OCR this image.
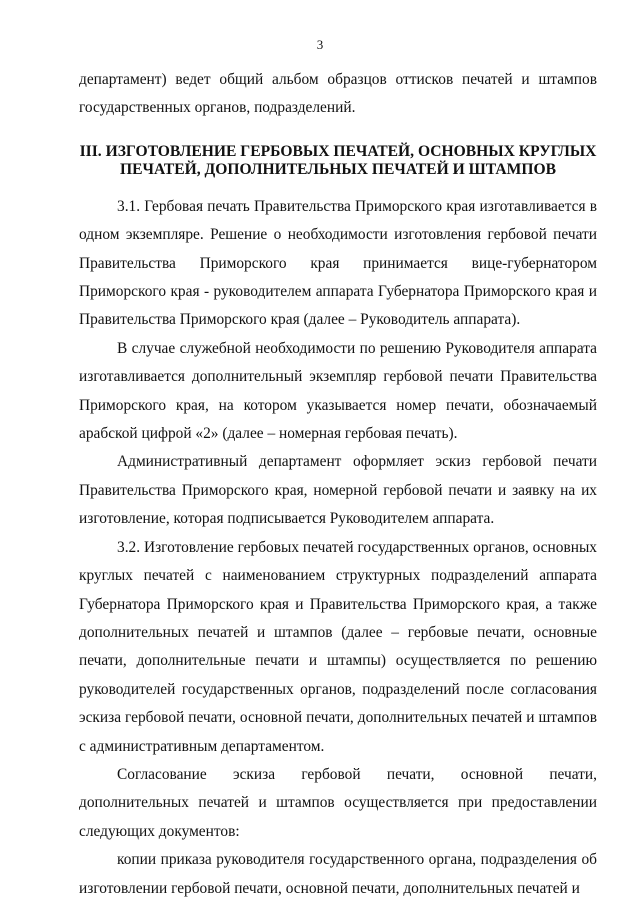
3

департамент) ведет общий альбом образцов оттисков печатей и штампов государственных органов, подразделений.

III. ИЗГОТОВЛЕНИЕ ГЕРБОВЫХ ПЕЧАТЕЙ, ОСНОВНЫХ КРУГЛЫХ
ПЕЧАТЕЙ, ДОПОЛНИТЕЛЬНЫХ ПЕЧАТЕЙ И ШТАМПОВ

3.1. Гербовая печать Правительства Приморского края изготавливается в одном экземпляре. Решение о необходимости изготовления гербовой печати Правительства Приморского края принимается вице-губернатором Приморского края - руководителем аппарата Губернатора Приморского края и Правительства Приморского края (далее – Руководитель аппарата).

В случае служебной необходимости по решению Руководителя аппарата изготавливается дополнительный экземпляр гербовой печати Правительства Приморского края, на котором указывается номер печати, обозначаемый арабской цифрой «2» (далее – номерная гербовая печать).

Административный департамент оформляет эскиз гербовой печати Правительства Приморского края, номерной гербовой печати и заявку на их изготовление, которая подписывается Руководителем аппарата.

3.2. Изготовление гербовых печатей государственных органов, основных круглых печатей с наименованием структурных подразделений аппарата Губернатора Приморского края и Правительства Приморского края, а также дополнительных печатей и штампов (далее – гербовые печати, основные печати, дополнительные печати и штампы) осуществляется по решению руководителей государственных органов, подразделений после согласования эскиза гербовой печати, основной печати, дополнительных печатей и штампов с административным департаментом.

Согласование эскиза гербовой печати, основной печати, дополнительных печатей и штампов осуществляется при предоставлении следующих документов:

копии приказа руководителя государственного органа, подразделения об изготовлении гербовой печати, основной печати, дополнительных печатей и
